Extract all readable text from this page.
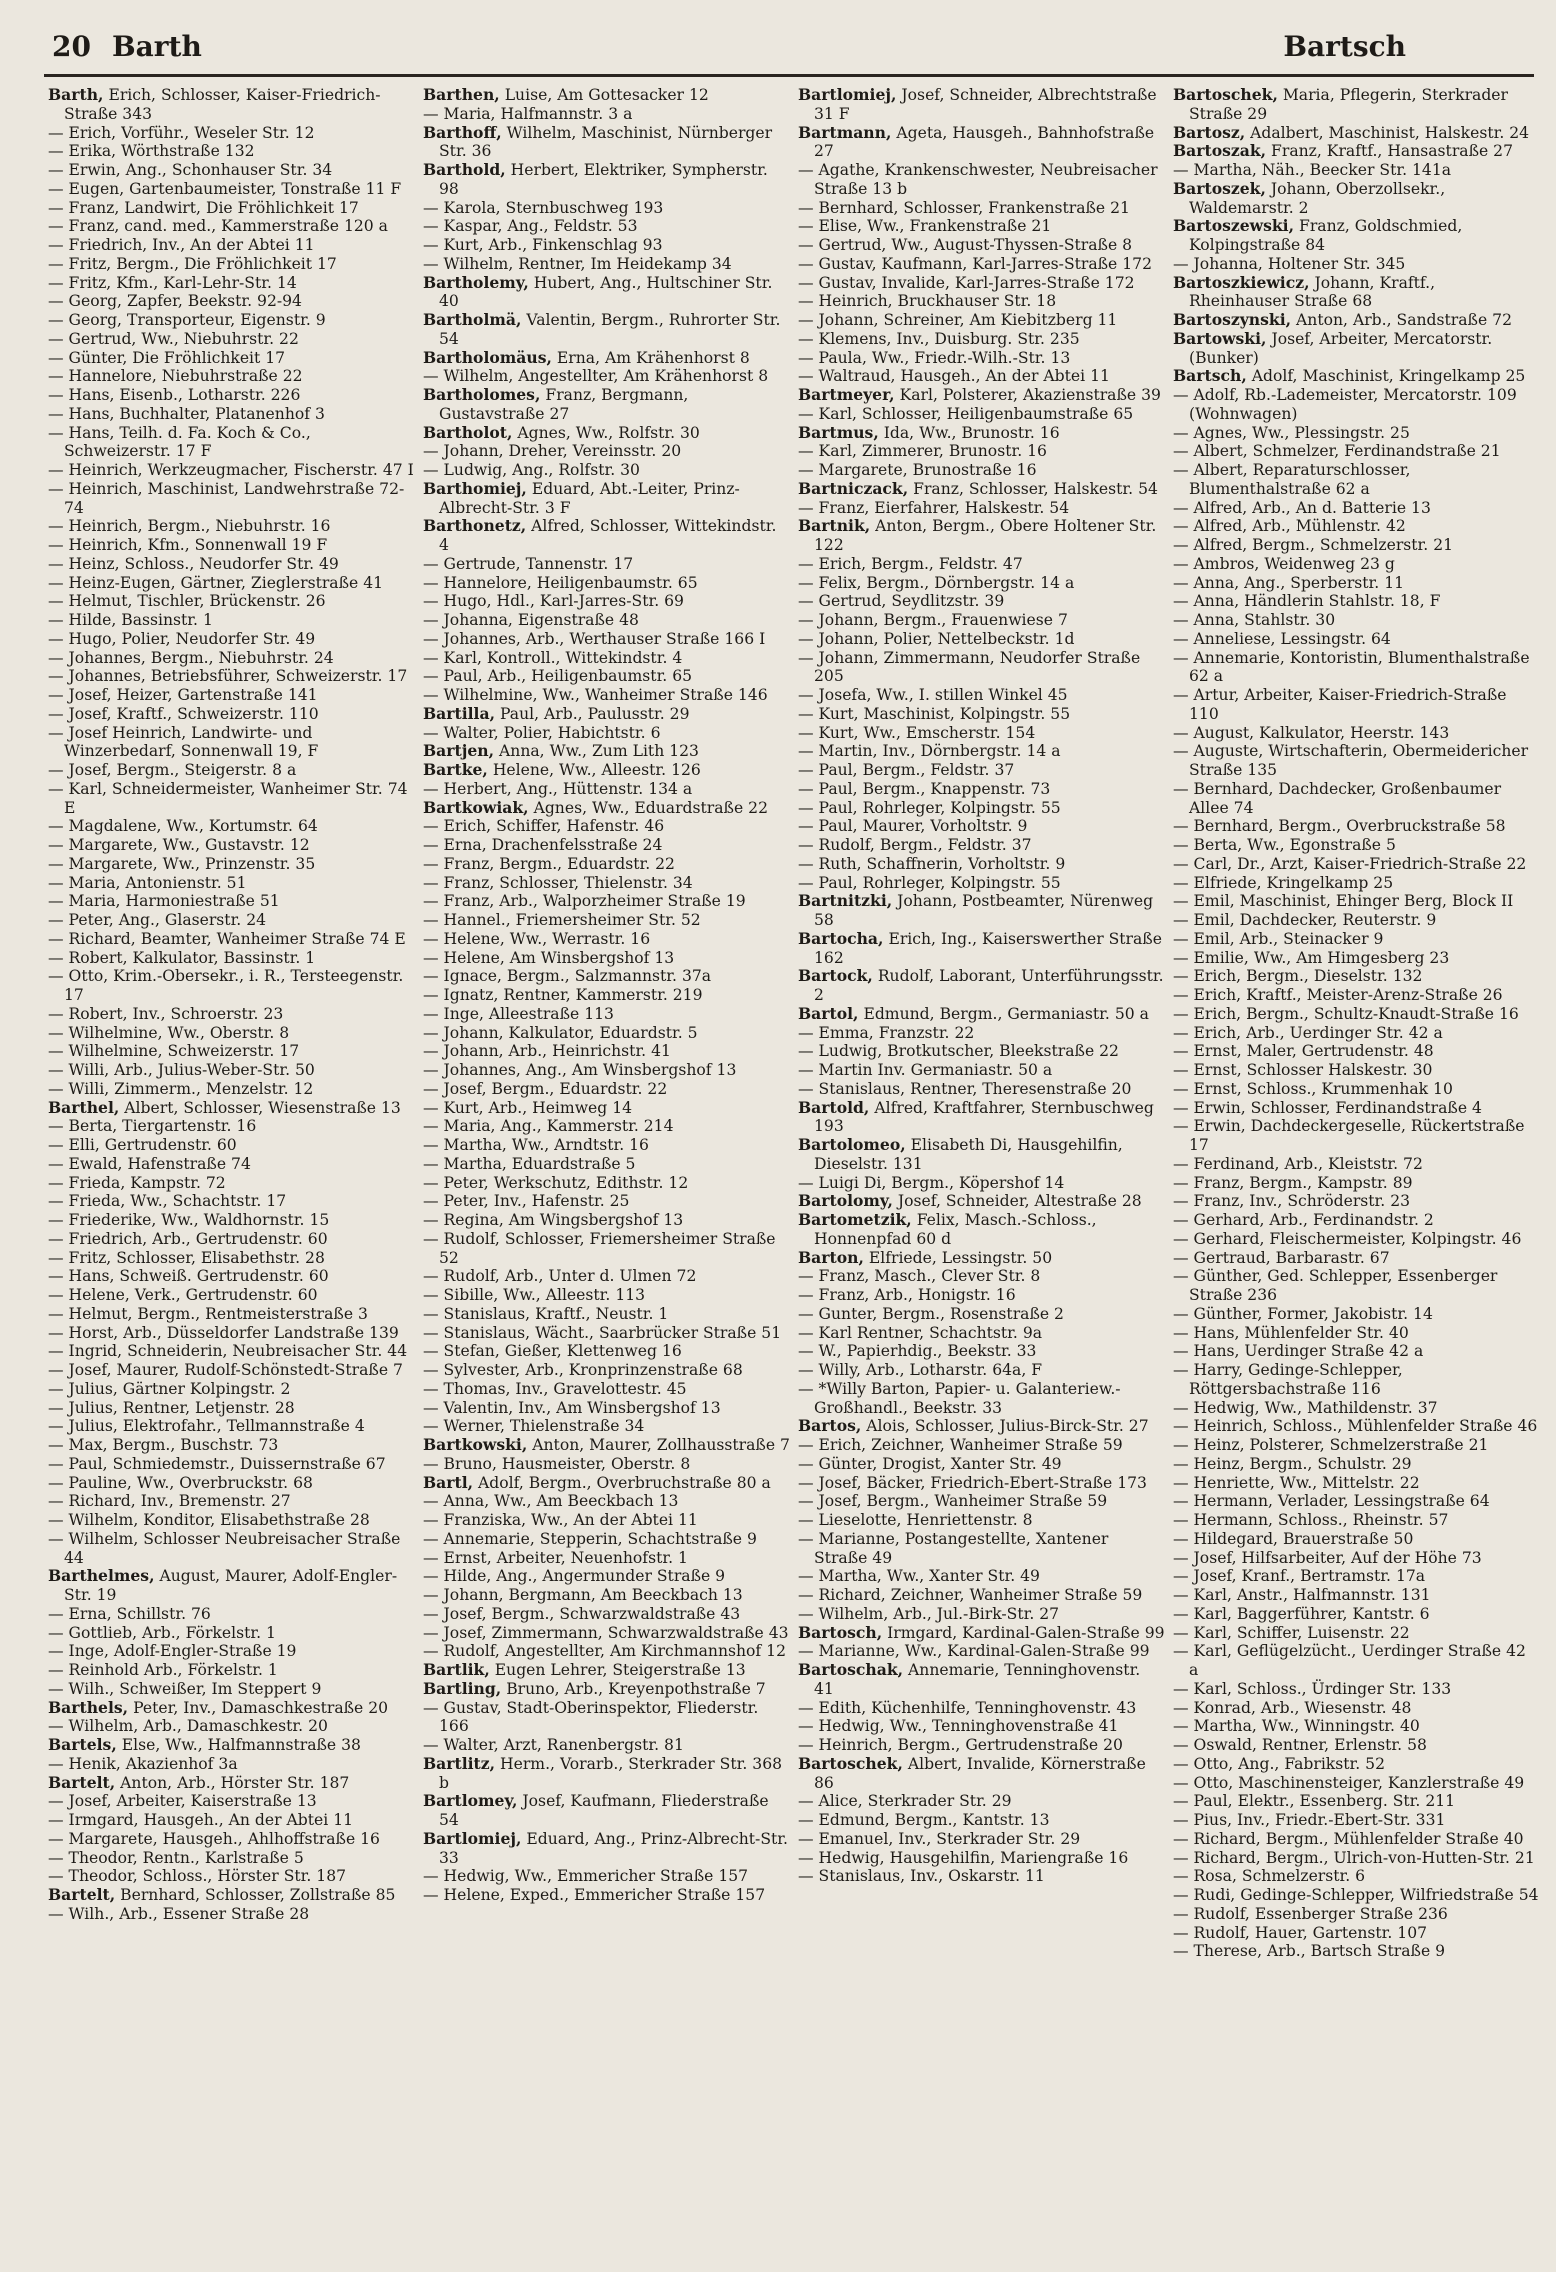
20 Barth	Bartsch
Barth, Erich, Schlosser, Kaiser-Friedrich-Straße 343
— Erich, Vorführ., Weseler Str. 12
— Erika, Wörthstraße 132
— Erwin, Ang., Schonhauser Str. 34
— Eugen, Gartenbaumeister, Tonstraße 11 F
— Franz, Landwirt, Die Fröhlichkeit 17
— Franz, cand. med., Kammerstraße 120 a
— Friedrich, Inv., An der Abtei 11
— Fritz, Bergm., Die Fröhlichkeit 17
— Fritz, Kfm., Karl-Lehr-Str. 14
— Georg, Zapfer, Beekstr. 92-94
— Georg, Transporteur, Eigenstr. 9
— Gertrud, Ww., Niebuhrstr. 22
— Günter, Die Fröhlichkeit 17
— Hannelore, Niebuhrstraße 22
— Hans, Eisenb., Lotharstr. 226
— Hans, Buchhalter, Platanenhof 3
— Hans, Teilh. d. Fa. Koch & Co., Schweizerstr. 17 F
— Heinrich, Werkzeugmacher, Fischerstr. 47 I
— Heinrich, Maschinist, Landwehrstraße 72-74
— Heinrich, Bergm., Niebuhrstr. 16
— Heinrich, Kfm., Sonnenwall 19 F
— Heinz, Schloss., Neudorfer Str. 49
— Heinz-Eugen, Gärtner, Zieglerstraße 41
— Helmut, Tischler, Brückenstr. 26
— Hilde, Bassinstr. 1
— Hugo, Polier, Neudorfer Str. 49
— Johannes, Bergm., Niebuhrstr. 24
— Johannes, Betriebsführer, Schweizerstr. 17
— Josef, Heizer, Gartenstraße 141
— Josef, Kraftf., Schweizerstr. 110
— Josef Heinrich, Landwirte- und Winzerbedarf, Sonnenwall 19, F
— Josef, Bergm., Steigerstr. 8 a
— Karl, Schneidermeister, Wanheimer Str. 74 E
— Magdalene, Ww., Kortumstr. 64
— Margarete, Ww., Gustavstr. 12
— Margarete, Ww., Prinzenstr. 35
— Maria, Antonienstr. 51
— Maria, Harmoniestraße 51
— Peter, Ang., Glaserstr. 24
— Richard, Beamter, Wanheimer Straße 74 E
— Robert, Kalkulator, Bassinstr. 1
— Otto, Krim.-Obersekr., i. R., Tersteegenstr. 17
— Robert, Inv., Schroerstr. 23
— Wilhelmine, Ww., Oberstr. 8
— Wilhelmine, Schweizerstr. 17
— Willi, Arb., Julius-Weber-Str. 50
— Willi, Zimmerm., Menzelstr. 12
Barthel, Albert, Schlosser, Wiesenstraße 13
— Berta, Tiergartenstr. 16
— Elli, Gertrudenstr. 60
— Ewald, Hafenstraße 74
— Frieda, Kampstr. 72
— Frieda, Ww., Schachtstr. 17
— Friederike, Ww., Waldhornstr. 15
— Friedrich, Arb., Gertrudenstr. 60
— Fritz, Schlosser, Elisabethstr. 28
— Hans, Schweiß. Gertrudenstr. 60
— Helene, Verk., Gertrudenstr. 60
— Helmut, Bergm., Rentmeisterstraße 3
— Horst, Arb., Düsseldorfer Landstraße 139
— Ingrid, Schneiderin, Neubreisacher Str. 44
— Josef, Maurer, Rudolf-Schönstedt-Straße 7
— Julius, Gärtner Kolpingstr. 2
— Julius, Rentner, Letjenstr. 28
— Julius, Elektrofahr., Tellmannstraße 4
— Max, Bergm., Buschstr. 73
— Paul, Schmiedemstr., Duissernstraße 67
— Pauline, Ww., Overbruckstr. 68
— Richard, Inv., Bremenstr. 27
— Wilhelm, Konditor, Elisabethstraße 28
— Wilhelm, Schlosser Neubreisacher Straße 44
Barthelmes, August, Maurer, Adolf-Engler-Str. 19
— Erna, Schillstr. 76
— Gottlieb, Arb., Förkelstr. 1
— Inge, Adolf-Engler-Straße 19
— Reinhold Arb., Förkelstr. 1
— Wilh., Schweißer, Im Steppert 9
Barthels, Peter, Inv., Damaschkestraße 20
— Wilhelm, Arb., Damaschkestr. 20
Bartels, Else, Ww., Halfmannstraße 38
— Henik, Akazienhof 3a
Bartelt, Anton, Arb., Hörster Str. 187
— Josef, Arbeiter, Kaiserstraße 13
— Irmgard, Hausgeh., An der Abtei 11
— Margarete, Hausgeh., Ahlhoffstraße 16
— Theodor, Rentn., Karlstraße 5
— Theodor, Schloss., Hörster Str. 187
Bartelt, Bernhard, Schlosser, Zollstraße 85
— Wilh., Arb., Essener Straße 28
Barthen, Luise, Am Gottesacker 12
— Maria, Halfmannstr. 3 a
Barthoff, Wilhelm, Maschinist, Nürnberger Str. 36
Barthold, Herbert, Elektriker, Sympherstr. 98
— Karola, Sternbuschweg 193
— Kaspar, Ang., Feldstr. 53
— Kurt, Arb., Finkenschlag 93
— Wilhelm, Rentner, Im Heidekamp 34
Bartholemy, Hubert, Ang., Hultschiner Str. 40
Bartholmä, Valentin, Bergm., Ruhrorter Str. 54
Bartholomäus, Erna, Am Krähenhorst 8
— Wilhelm, Angestellter, Am Krähenhorst 8
Bartholomes, Franz, Bergmann, Gustavstraße 27
Bartholot, Agnes, Ww., Rolfstr. 30
— Johann, Dreher, Vereinsstr. 20
— Ludwig, Ang., Rolfstr. 30
Barthomiej, Eduard, Abt.-Leiter, Prinz-Albrecht-Str. 3 F
Barthonetz, Alfred, Schlosser, Wittekindstr. 4
— Gertrude, Tannenstr. 17
— Hannelore, Heiligenbaumstr. 65
— Hugo, Hdl., Karl-Jarres-Str. 69
— Johanna, Eigenstraße 48
— Johannes, Arb., Werthauser Straße 166 I
— Karl, Kontroll., Wittekindstr. 4
— Paul, Arb., Heiligenbaumstr. 65
— Wilhelmine, Ww., Wanheimer Straße 146
Bartilla, Paul, Arb., Paulusstr. 29
— Walter, Polier, Habichtstr. 6
Bartjen, Anna, Ww., Zum Lith 123
Bartke, Helene, Ww., Alleestr. 126
— Herbert, Ang., Hüttenstr. 134 a
Bartkowiak, Agnes, Ww., Eduardstraße 22
— Erich, Schiffer, Hafenstr. 46
— Erna, Drachenfelsstraße 24
— Franz, Bergm., Eduardstr. 22
— Franz, Schlosser, Thielenstr. 34
— Franz, Arb., Walporzheimer Straße 19
— Hannel., Friemersheimer Str. 52
— Helene, Ww., Werrastr. 16
— Helene, Am Winsbergshof 13
— Ignace, Bergm., Salzmannstr. 37a
— Ignatz, Rentner, Kammerstr. 219
— Inge, Alleestraße 113
— Johann, Kalkulator, Eduardstr. 5
— Johann, Arb., Heinrichstr. 41
— Johannes, Ang., Am Winsbergshof 13
— Josef, Bergm., Eduardstr. 22
— Kurt, Arb., Heimweg 14
— Maria, Ang., Kammerstr. 214
— Martha, Ww., Arndtstr. 16
— Martha, Eduardstraße 5
— Peter, Werkschutz, Edithstr. 12
— Peter, Inv., Hafenstr. 25
— Regina, Am Wingsbergshof 13
— Rudolf, Schlosser, Friemersheimer Straße 52
— Rudolf, Arb., Unter d. Ulmen 72
— Sibille, Ww., Alleestr. 113
— Stanislaus, Kraftf., Neustr. 1
— Stanislaus, Wächt., Saarbrücker Straße 51
— Stefan, Gießer, Klettenweg 16
— Sylvester, Arb., Kronprinzenstraße 68
— Thomas, Inv., Gravelottestr. 45
— Valentin, Inv., Am Winsbergshof 13
— Werner, Thielenstraße 34
Bartkowski, Anton, Maurer, Zollhausstraße 7
— Bruno, Hausmeister, Oberstr. 8
Bartl, Adolf, Bergm., Overbruchstraße 80 a
— Anna, Ww., Am Beeckbach 13
— Franziska, Ww., An der Abtei 11
— Annemarie, Stepperin, Schachtstraße 9
— Ernst, Arbeiter, Neuenhofstr. 1
— Hilde, Ang., Angermunder Straße 9
— Johann, Bergmann, Am Beeckbach 13
— Josef, Bergm., Schwarzwaldstraße 43
— Josef, Zimmermann, Schwarzwaldstraße 43
— Rudolf, Angestellter, Am Kirchmannshof 12
Bartlik, Eugen Lehrer, Steigerstraße 13
Bartling, Bruno, Arb., Kreyenpothstraße 7
— Gustav, Stadt-Oberinspektor, Fliederstr. 166
— Walter, Arzt, Ranenbergstr. 81
Bartlitz, Herm., Vorarb., Sterkrader Str. 368 b
Bartlomey, Josef, Kaufmann, Fliederstraße 54
Bartlomiej, Eduard, Ang., Prinz-Albrecht-Str. 33
— Hedwig, Ww., Emmericher Straße 157
— Helene, Exped., Emmericher Straße 157
Bartlomiej, Josef, Schneider, Albrechtstraße 31 F
Bartmann, Ageta, Hausgeh., Bahnhofstraße 27
— Agathe, Krankenschwester, Neubreisacher Straße 13 b
— Bernhard, Schlosser, Frankenstraße 21
— Elise, Ww., Frankenstraße 21
— Gertrud, Ww., August-Thyssen-Straße 8
— Gustav, Kaufmann, Karl-Jarres-Straße 172
— Gustav, Invalide, Karl-Jarres-Straße 172
— Heinrich, Bruckhauser Str. 18
— Johann, Schreiner, Am Kiebitzberg 11
— Klemens, Inv., Duisburg. Str. 235
— Paula, Ww., Friedr.-Wilh.-Str. 13
— Waltraud, Hausgeh., An der Abtei 11
Bartmeyer, Karl, Polsterer, Akazienstraße 39
— Karl, Schlosser, Heiligenbaumstraße 65
Bartmus, Ida, Ww., Brunostr. 16
— Karl, Zimmerer, Brunostr. 16
— Margarete, Brunostraße 16
Bartniczack, Franz, Schlosser, Halskestr. 54
— Franz, Eierfahrer, Halskestr. 54
Bartnik, Anton, Bergm., Obere Holtener Str. 122
— Erich, Bergm., Feldstr. 47
— Felix, Bergm., Dörnbergstr. 14 a
— Gertrud, Seydlitzstr. 39
— Johann, Bergm., Frauenwiese 7
— Johann, Polier, Nettelbeckstr. 1d
— Johann, Zimmermann, Neudorfer Straße 205
— Josefa, Ww., I. stillen Winkel 45
— Kurt, Maschinist, Kolpingstr. 55
— Kurt, Ww., Emscherstr. 154
— Martin, Inv., Dörnbergstr. 14 a
— Paul, Bergm., Feldstr. 37
— Paul, Bergm., Knappenstr. 73
— Paul, Rohrleger, Kolpingstr. 55
— Paul, Maurer, Vorholtstr. 9
— Rudolf, Bergm., Feldstr. 37
— Ruth, Schaffnerin, Vorholtstr. 9
— Paul, Rohrleger, Kolpingstr. 55
Bartnitzki, Johann, Postbeamter, Nürenweg 58
Bartocha, Erich, Ing., Kaiserswerther Straße 162
Bartock, Rudolf, Laborant, Unterführungsstr. 2
Bartol, Edmund, Bergm., Germaniastr. 50 a
— Emma, Franzstr. 22
— Ludwig, Brotkutscher, Bleekstraße 22
— Martin Inv. Germaniastr. 50 a
— Stanislaus, Rentner, Theresenstraße 20
Bartold, Alfred, Kraftfahrer, Sternbuschweg 193
Bartolomeo, Elisabeth Di, Hausgehilfin, Dieselstr. 131
— Luigi Di, Bergm., Köpershof 14
Bartolomy, Josef, Schneider, Altestraße 28
Bartometzik, Felix, Masch.-Schloss., Honnenpfad 60 d
Barton, Elfriede, Lessingstr. 50
— Franz, Masch., Clever Str. 8
— Franz, Arb., Honigstr. 16
— Gunter, Bergm., Rosenstraße 2
— Karl Rentner, Schachtstr. 9a
— W., Papierhdig., Beekstr. 33
— Willy, Arb., Lotharstr. 64a, F
— *Willy Barton, Papier- u. Galanteriew.-Großhandl., Beekstr. 33
Bartos, Alois, Schlosser, Julius-Birck-Str. 27
— Erich, Zeichner, Wanheimer Straße 59
— Günter, Drogist, Xanter Str. 49
— Josef, Bäcker, Friedrich-Ebert-Straße 173
— Josef, Bergm., Wanheimer Straße 59
— Lieselotte, Henriettenstr. 8
— Marianne, Postangestellte, Xantener Straße 49
— Martha, Ww., Xanter Str. 49
— Richard, Zeichner, Wanheimer Straße 59
— Wilhelm, Arb., Jul.-Birk-Str. 27
Bartosch, Irmgard, Kardinal-Galen-Straße 99
— Marianne, Ww., Kardinal-Galen-Straße 99
Bartoschak, Annemarie, Tenninghovenstr. 41
— Edith, Küchenhilfe, Tenninghovenstr. 43
— Hedwig, Ww., Tenninghovenstraße 41
— Heinrich, Bergm., Gertrudenstraße 20
Bartoschek, Albert, Invalide, Körnerstraße 86
— Alice, Sterkrader Str. 29
— Edmund, Bergm., Kantstr. 13
— Emanuel, Inv., Sterkrader Str. 29
— Hedwig, Hausgehilfin, Mariengraße 16
— Stanislaus, Inv., Oskarstr. 11
Bartoschek, Maria, Pflegerin, Sterkrader Straße 29
Bartosz, Adalbert, Maschinist, Halskestr. 24
Bartoszak, Franz, Kraftf., Hansastraße 27
— Martha, Näh., Beecker Str. 141a
Bartoszek, Johann, Oberzollsekr., Waldemarstr. 2
Bartoszewski, Franz, Goldschmied, Kolpingstraße 84
— Johanna, Holtener Str. 345
Bartoszkiewicz, Johann, Kraftf., Rheinhauser Straße 68
Bartoszynski, Anton, Arb., Sandstraße 72
Bartowski, Josef, Arbeiter, Mercatorstr. (Bunker)
Bartsch, Adolf, Maschinist, Kringelkamp 25
— Adolf, Rb.-Lademeister, Mercatorstr. 109 (Wohnwagen)
— Agnes, Ww., Plessingstr. 25
— Albert, Schmelzer, Ferdinandstraße 21
— Albert, Reparaturschlosser, Blumenthalstraße 62 a
— Alfred, Arb., An d. Batterie 13
— Alfred, Arb., Mühlenstr. 42
— Alfred, Bergm., Schmelzerstr. 21
— Ambros, Weidenweg 23 g
— Anna, Ang., Sperberstr. 11
— Anna, Händlerin Stahlstr. 18, F
— Anna, Stahlstr. 30
— Anneliese, Lessingstr. 64
— Annemarie, Kontoristin, Blumenthalstraße 62 a
— Artur, Arbeiter, Kaiser-Friedrich-Straße 110
— August, Kalkulator, Heerstr. 143
— Auguste, Wirtschafterin, Obermeidericher Straße 135
— Bernhard, Dachdecker, Großenbaumer Allee 74
— Bernhard, Bergm., Overbruckstraße 58
— Berta, Ww., Egonstraße 5
— Carl, Dr., Arzt, Kaiser-Friedrich-Straße 22
— Elfriede, Kringelkamp 25
— Emil, Maschinist, Ehinger Berg, Block II
— Emil, Dachdecker, Reuterstr. 9
— Emil, Arb., Steinacker 9
— Emilie, Ww., Am Himgesberg 23
— Erich, Bergm., Dieselstr. 132
— Erich, Kraftf., Meister-Arenz-Straße 26
— Erich, Bergm., Schultz-Knaudt-Straße 16
— Erich, Arb., Uerdinger Str. 42 a
— Ernst, Maler, Gertrudenstr. 48
— Ernst, Schlosser Halskestr. 30
— Ernst, Schloss., Krummenhak 10
— Erwin, Schlosser, Ferdinandstraße 4
— Erwin, Dachdeckergeselle, Rückertstraße 17
— Ferdinand, Arb., Kleiststr. 72
— Franz, Bergm., Kampstr. 89
— Franz, Inv., Schröderstr. 23
— Gerhard, Arb., Ferdinandstr. 2
— Gerhard, Fleischermeister, Kolpingstr. 46
— Gertraud, Barbarastr. 67
— Günther, Ged. Schlepper, Essenberger Straße 236
— Günther, Former, Jakobistr. 14
— Hans, Mühlenfelder Str. 40
— Hans, Uerdinger Straße 42 a
— Harry, Gedinge-Schlepper, Röttgersbachstraße 116
— Hedwig, Ww., Mathildenstr. 37
— Heinrich, Schloss., Mühlenfelder Straße 46
— Heinz, Polsterer, Schmelzerstraße 21
— Heinz, Bergm., Schulstr. 29
— Henriette, Ww., Mittelstr. 22
— Hermann, Verlader, Lessingstraße 64
— Hermann, Schloss., Rheinstr. 57
— Hildegard, Brauerstraße 50
— Josef, Hilfsarbeiter, Auf der Höhe 73
— Josef, Kranf., Bertramstr. 17a
— Karl, Anstr., Halfmannstr. 131
— Karl, Baggerführer, Kantstr. 6
— Karl, Schiffer, Luisenstr. 22
— Karl, Geflügelzücht., Uerdinger Straße 42 a
— Karl, Schloss., Ürdinger Str. 133
— Konrad, Arb., Wiesenstr. 48
— Martha, Ww., Winningstr. 40
— Oswald, Rentner, Erlenstr. 58
— Otto, Ang., Fabrikstr. 52
— Otto, Maschinensteiger, Kanzlerstraße 49
— Paul, Elektr., Essenberg. Str. 211
— Pius, Inv., Friedr.-Ebert-Str. 331
— Richard, Bergm., Mühlenfelder Straße 40
— Richard, Bergm., Ulrich-von-Hutten-Str. 21
— Rosa, Schmelzerstr. 6
— Rudi, Gedinge-Schlepper, Wilfriedstraße 54
— Rudolf, Essenberger Straße 236
— Rudolf, Hauer, Gartenstr. 107
— Therese, Arb., Bartsch Straße 9
